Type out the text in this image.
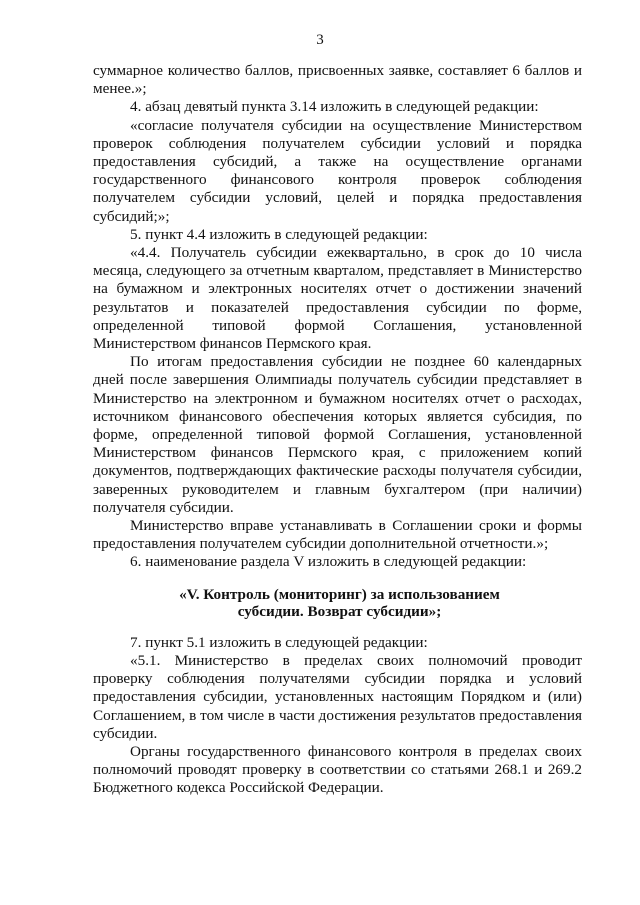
3

суммарное количество баллов, присвоенных заявке, составляет 6 баллов и менее.»;

4. абзац девятый пункта 3.14 изложить в следующей редакции:

«согласие получателя субсидии на осуществление Министерством проверок соблюдения получателем субсидии условий и порядка предоставления субсидий, а также на осуществление органами государственного финансового контроля проверок соблюдения получателем субсидии условий, целей и порядка предоставления субсидий;»;

5. пункт 4.4 изложить в следующей редакции:

«4.4. Получатель субсидии ежеквартально, в срок до 10 числа месяца, следующего за отчетным кварталом, представляет в Министерство на бумажном и электронных носителях отчет о достижении значений результатов и показателей предоставления субсидии по форме, определенной типовой формой Соглашения, установленной Министерством финансов Пермского края.

По итогам предоставления субсидии не позднее 60 календарных дней после завершения Олимпиады получатель субсидии представляет в Министерство на электронном и бумажном носителях отчет о расходах, источником финансового обеспечения которых является субсидия, по форме, определенной типовой формой Соглашения, установленной Министерством финансов Пермского края, с приложением копий документов, подтверждающих фактические расходы получателя субсидии, заверенных руководителем и главным бухгалтером (при наличии) получателя субсидии.

Министерство вправе устанавливать в Соглашении сроки и формы предоставления получателем субсидии дополнительной отчетности.»;

6. наименование раздела V изложить в следующей редакции:

«V. Контроль (мониторинг) за использованием
субсидии. Возврат субсидии»;

7. пункт 5.1 изложить в следующей редакции:

«5.1. Министерство в пределах своих полномочий проводит проверку соблюдения получателями субсидии порядка и условий предоставления субсидии, установленных настоящим Порядком и (или) Соглашением, в том числе в части достижения результатов предоставления субсидии.

Органы государственного финансового контроля в пределах своих полномочий проводят проверку в соответствии со статьями 268.1 и 269.2 Бюджетного кодекса Российской Федерации.
